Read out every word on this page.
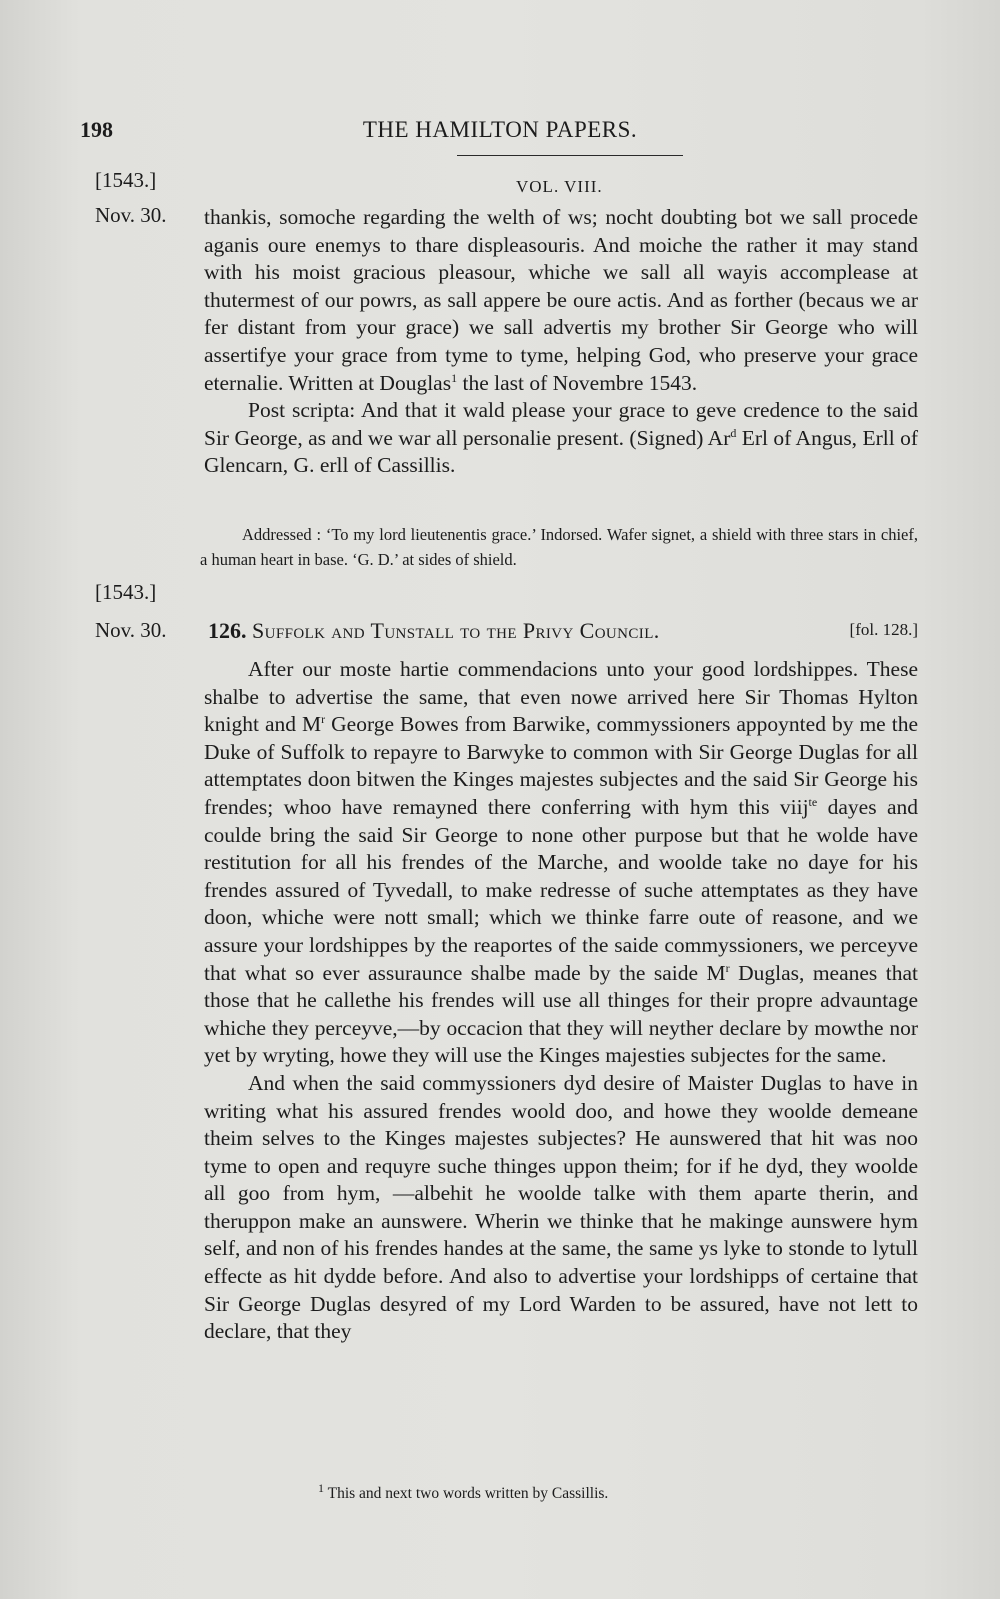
198	THE HAMILTON PAPERS.
[1543.]	VOL. VIII.
Nov. 30. thankis, somoche regarding the welth of ws; nocht doubting bot we sall procede aganis oure enemys to thare displeasouris. And moiche the rather it may stand with his moist gracious pleasour, whiche we sall all wayis accomplease at thutermest of our powrs, as sall appere be oure actis. And as forther (becaus we ar fer distant from your grace) we sall advertis my brother Sir George who will assertifye your grace from tyme to tyme, helping God, who preserve your grace eternalie. Written at Douglas$^1$ the last of Novembre 1543.

Post scripta: And that it wald please your grace to geve credence to the said Sir George, as and we war all personalie present. (Signed) Ar$^d$ Erl of Angus, Erll of Glencarn, G. erll of Cassillis.

Addressed : ‘To my lord lieutenentis grace.’ Indorsed. Wafer signet, a shield with three stars in chief, a human heart in base. ‘G. D.’ at sides of shield.
[1543.]
Nov. 30. 126. Suffolk and Tunstall to the Privy Council.	[fol. 128.]

After our moste hartie commendacions unto your good lordshippes. These shalbe to advertise the same, that even nowe arrived here Sir Thomas Hylton knight and $M^r$ George Bowes from Barwike, commyssioners appoynted by me the Duke of Suffolk to repayre to Barwyke to common with Sir George Duglas for all attemptates doon bitwen the Kinges majestes subjectes and the said Sir George his frendes; whoo have remayned there conferring with hym this viij$^{te}$ dayes and coulde bring the said Sir George to none other purpose but that he wolde have restitution for all his frendes of the Marche, and woolde take no daye for his frendes assured of Tyvedall, to make redresse of suche attemptates as they have doon, whiche were nott small; which we thinke farre oute of reasone, and we assure your lordshippes by the reaportes of the saide commyssioners, we perceyve that what so ever assuraunce shalbe made by the saide $M^r$ Duglas, meanes that those that he callethe his frendes will use all thinges for their propre advauntage whiche they perceyve,—by occacion that they will neyther declare by mowthe nor yet by wryting, howe they will use the Kinges majesties subjectes for the same.

And when the said commyssioners dyd desire of Maister Duglas to have in writing what his assured frendes woold doo, and howe they woolde demeane theim selves to the Kinges majestes subjectes? He aunswered that hit was noo tyme to open and requyre suche thinges uppon theim; for if he dyd, they woolde all goo from hym, —albehit he woolde talke with them aparte therin, and theruppon make an aunswere. Wherin we thinke that he makinge aunswere hym self, and non of his frendes handes at the same, the same ys lyke to stonde to lytull effecte as hit dydde before. And also to advertise your lordshipps of certaine that Sir George Duglas desyred of my Lord Warden to be assured, have not lett to declare, that they

$^1$ This and next two words written by Cassillis.
